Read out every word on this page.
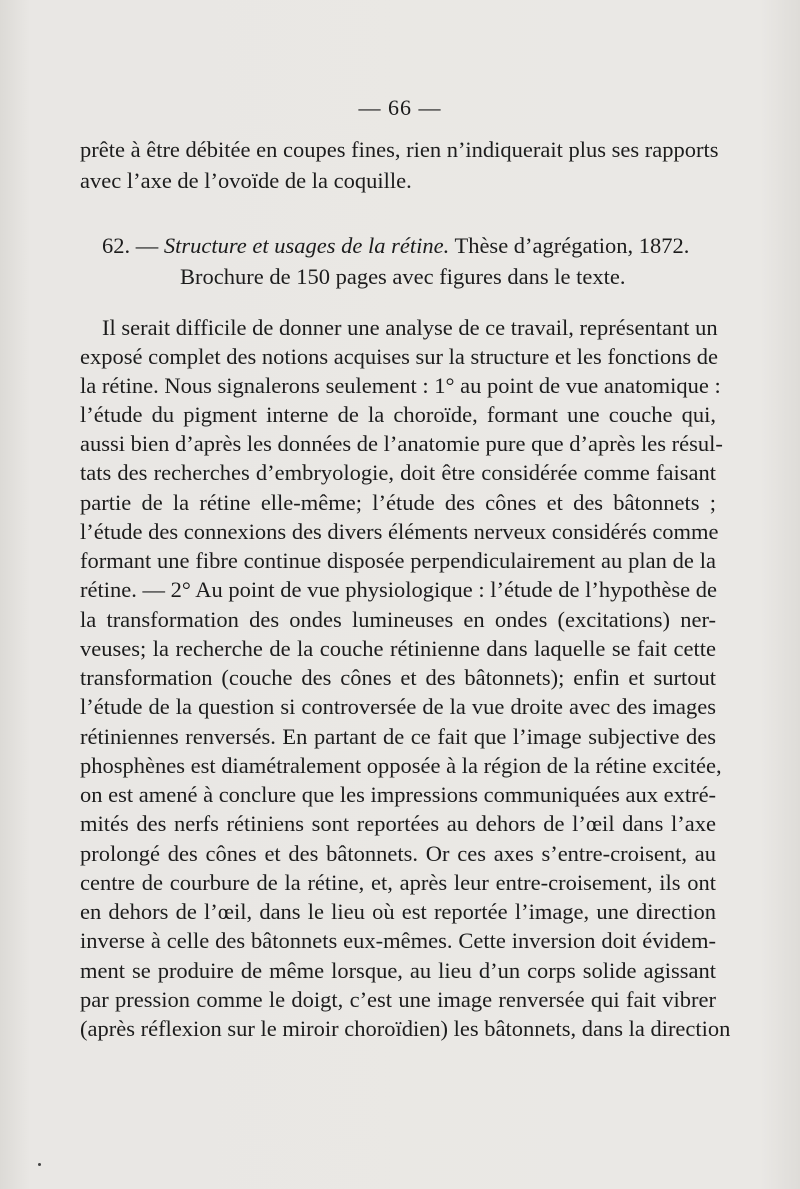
— 66 —
prête à être débitée en coupes fines, rien n’indiquerait plus ses rapports
avec l’axe de l’ovoïde de la coquille.
62. — Structure et usages de la rétine. Thèse d’agrégation, 1872.
Brochure de 150 pages avec figures dans le texte.
Il serait difficile de donner une analyse de ce travail, représentant un
exposé complet des notions acquises sur la structure et les fonctions de
la rétine. Nous signalerons seulement : 1° au point de vue anatomique :
l’étude du pigment interne de la choroïde, formant une couche qui,
aussi bien d’après les données de l’anatomie pure que d’après les résul-
tats des recherches d’embryologie, doit être considérée comme faisant
partie de la rétine elle-même; l’étude des cônes et des bâtonnets ;
l’étude des connexions des divers éléments nerveux considérés comme
formant une fibre continue disposée perpendiculairement au plan de la
rétine. — 2° Au point de vue physiologique : l’étude de l’hypothèse de
la transformation des ondes lumineuses en ondes (excitations) ner-
veuses; la recherche de la couche rétinienne dans laquelle se fait cette
transformation (couche des cônes et des bâtonnets); enfin et surtout
l’étude de la question si controversée de la vue droite avec des images
rétiniennes renversés. En partant de ce fait que l’image subjective des
phosphènes est diamétralement opposée à la région de la rétine excitée,
on est amené à conclure que les impressions communiquées aux extré-
mités des nerfs rétiniens sont reportées au dehors de l’œil dans l’axe
prolongé des cônes et des bâtonnets. Or ces axes s’entre-croisent, au
centre de courbure de la rétine, et, après leur entre-croisement, ils ont
en dehors de l’œil, dans le lieu où est reportée l’image, une direction
inverse à celle des bâtonnets eux-mêmes. Cette inversion doit évidem-
ment se produire de même lorsque, au lieu d’un corps solide agissant
par pression comme le doigt, c’est une image renversée qui fait vibrer
(après réflexion sur le miroir choroïdien) les bâtonnets, dans la direction
